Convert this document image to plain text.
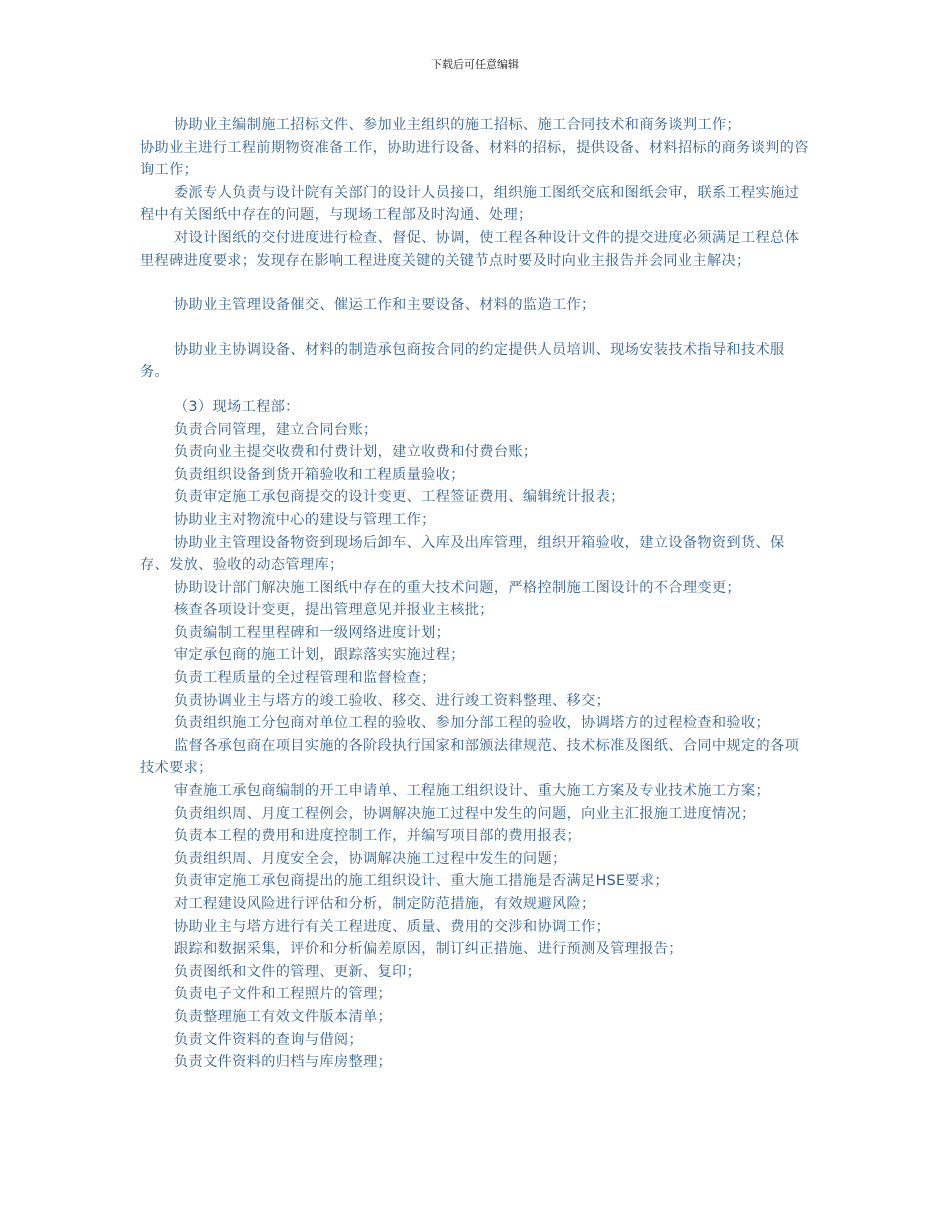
下载后可任意编辑

协助业主编制施工招标文件、参加业主组织的施工招标、施工合同技术和商务谈判工作；

协助业主进行工程前期物资准备工作，协助进行设备、材料的招标，提供设备、材料招标的商务谈判的咨询工作；

委派专人负责与设计院有关部门的设计人员接口，组织施工图纸交底和图纸会审，联系工程实施过程中有关图纸中存在的问题，与现场工程部及时沟通、处理；

对设计图纸的交付进度进行检查、督促、协调，使工程各种设计文件的提交进度必须满足工程总体里程碑进度要求；发现存在影响工程进度关键的关键节点时要及时向业主报告并会同业主解决；

协助业主管理设备催交、催运工作和主要设备、材料的监造工作；

协助业主协调设备、材料的制造承包商按合同的约定提供人员培训、现场安装技术指导和技术服务。

（3）现场工程部：

负责合同管理，建立合同台账；

负责向业主提交收费和付费计划，建立收费和付费台账；

负责组织设备到货开箱验收和工程质量验收；

负责审定施工承包商提交的设计变更、工程签证费用、编辑统计报表；

协助业主对物流中心的建设与管理工作；

协助业主管理设备物资到现场后卸车、入库及出库管理，组织开箱验收，建立设备物资到货、保存、发放、验收的动态管理库；

协助设计部门解决施工图纸中存在的重大技术问题，严格控制施工图设计的不合理变更；

核查各项设计变更，提出管理意见并报业主核批；

负责编制工程里程碑和一级网络进度计划；

审定承包商的施工计划，跟踪落实实施过程；

负责工程质量的全过程管理和监督检查；

负责协调业主与塔方的竣工验收、移交、进行竣工资料整理、移交；

负责组织施工分包商对单位工程的验收、参加分部工程的验收，协调塔方的过程检查和验收；

监督各承包商在项目实施的各阶段执行国家和部颁法律规范、技术标准及图纸、合同中规定的各项技术要求；

审查施工承包商编制的开工申请单、工程施工组织设计、重大施工方案及专业技术施工方案；

负责组织周、月度工程例会，协调解决施工过程中发生的问题，向业主汇报施工进度情况；

负责本工程的费用和进度控制工作，并编写项目部的费用报表；

负责组织周、月度安全会，协调解决施工过程中发生的问题；

负责审定施工承包商提出的施工组织设计、重大施工措施是否满足HSE要求；

对工程建设风险进行评估和分析，制定防范措施，有效规避风险；

协助业主与塔方进行有关工程进度、质量、费用的交涉和协调工作；

跟踪和数据采集，评价和分析偏差原因，制订纠正措施、进行预测及管理报告；

负责图纸和文件的管理、更新、复印；

负责电子文件和工程照片的管理；

负责整理施工有效文件版本清单；

负责文件资料的查询与借阅；

负责文件资料的归档与库房整理；
